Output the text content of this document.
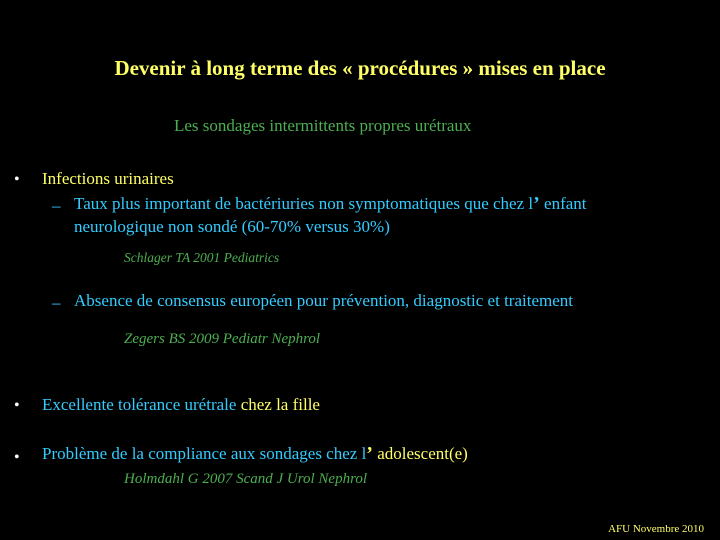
Devenir à long terme des « procédures » mises en place
Les sondages intermittents propres urétraux
• Infections urinaires
– Taux plus important de bactériuries non symptomatiques que chez l’ enfant
neurologique non sondé (60-70% versus 30%)
Schlager TA 2001 Pediatrics
– Absence de consensus européen pour prévention, diagnostic et traitement
Zegers BS 2009 Pediatr Nephrol
• Excellente tolérance urétrale chez la fille
• Problème de la compliance aux sondages chez l’ adolescent(e)
Holmdahl G 2007 Scand J Urol Nephrol
AFU Novembre 2010
